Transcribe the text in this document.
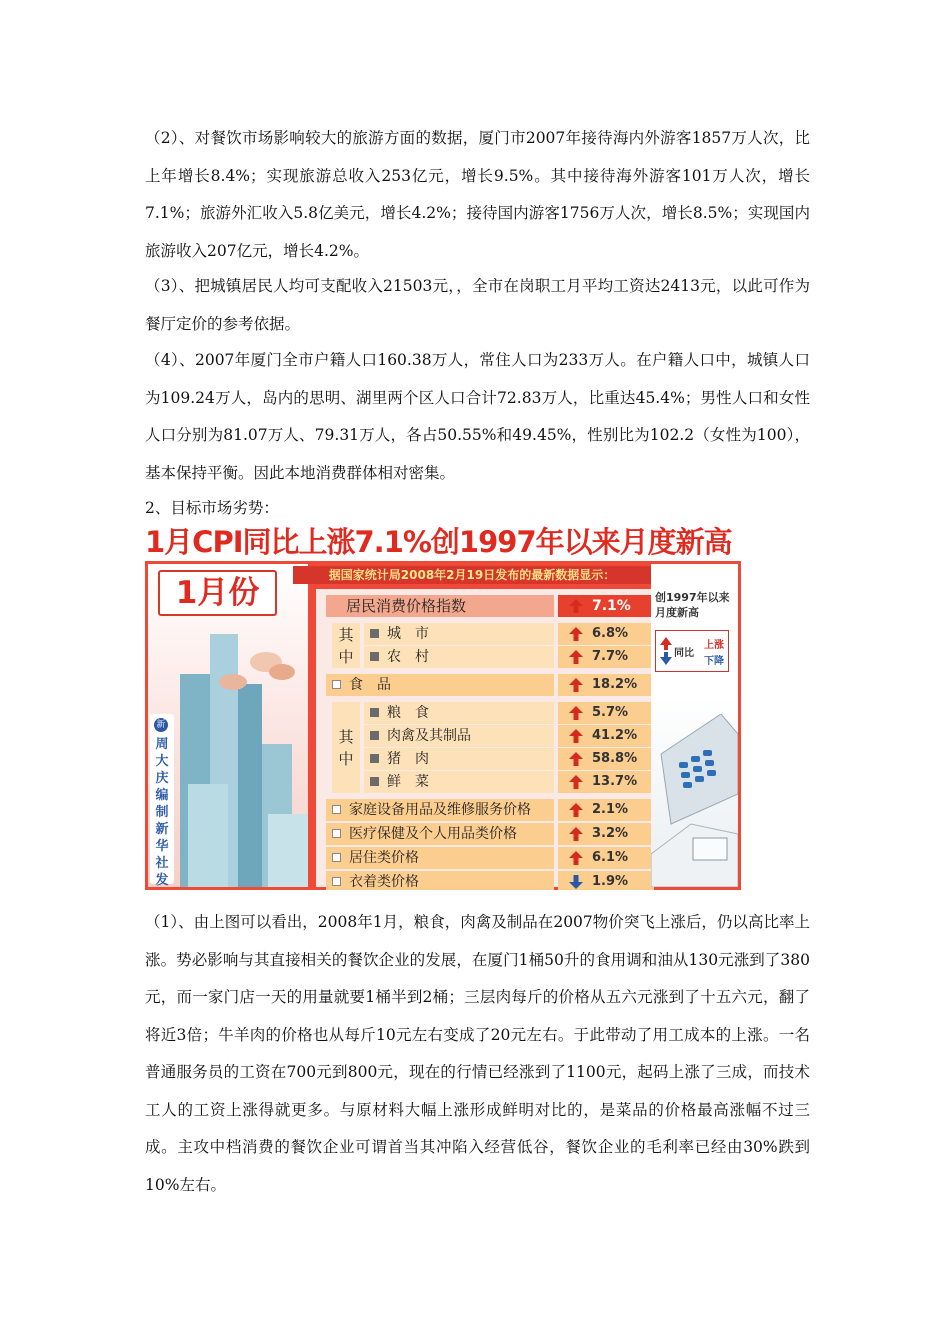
（2）、对餐饮市场影响较大的旅游方面的数据，厦门市2007年接待海内外游客1857万人次，比上年增长8.4%；实现旅游总收入253亿元，增长9.5%。其中接待海外游客101万人次，增长7.1%；旅游外汇收入5.8亿美元，增长4.2%；接待国内游客1756万人次，增长8.5%；实现国内旅游收入207亿元，增长4.2%。
（3）、把城镇居民人均可支配收入21503元，，全市在岗职工月平均工资达2413元，以此可作为餐厅定价的参考依据。
（4）、2007年厦门全市户籍人口160.38万人，常住人口为233万人。在户籍人口中，城镇人口为109.24万人，岛内的思明、湖里两个区人口合计72.83万人，比重达45.4%；男性人口和女性人口分别为81.07万人、79.31万人，各占50.55%和49.45%，性别比为102.2（女性为100），基本保持平衡。因此本地消费群体相对密集。
2、目标市场劣势：
1月CPI同比上涨7.1%创1997年以来月度新高
1月份
新
周大庆编制 新华社发
据国家统计局2008年2月19日发布的最新数据显示：
居民消费价格指数	7.1%
城　市	6.8%
农　村	7.7%
食　品	18.2%
粮　食	5.7%
肉禽及其制品	41.2%
猪　肉	58.8%
鲜　菜	13.7%
家庭设备用品及维修服务价格	2.1%
医疗保健及个人用品类价格	3.2%
居住类价格	6.1%
衣着类价格	1.9%
其
中
其
中
创1997年以来月度新高
同比
上涨
下降
（1）、由上图可以看出，2008年1月，粮食，肉禽及制品在2007物价突飞上涨后，仍以高比率上涨。势必影响与其直接相关的餐饮企业的发展，在厦门1桶50升的食用调和油从130元涨到了380元，而一家门店一天的用量就要1桶半到2桶；三层肉每斤的价格从五六元涨到了十五六元，翻了将近3倍；牛羊肉的价格也从每斤10元左右变成了20元左右。于此带动了用工成本的上涨。一名普通服务员的工资在700元到800元，现在的行情已经涨到了1100元，起码上涨了三成，而技术工人的工资上涨得就更多。与原材料大幅上涨形成鲜明对比的，是菜品的价格最高涨幅不过三成。主攻中档消费的餐饮企业可谓首当其冲陷入经营低谷，餐饮企业的毛利率已经由30%跌到10%左右。
